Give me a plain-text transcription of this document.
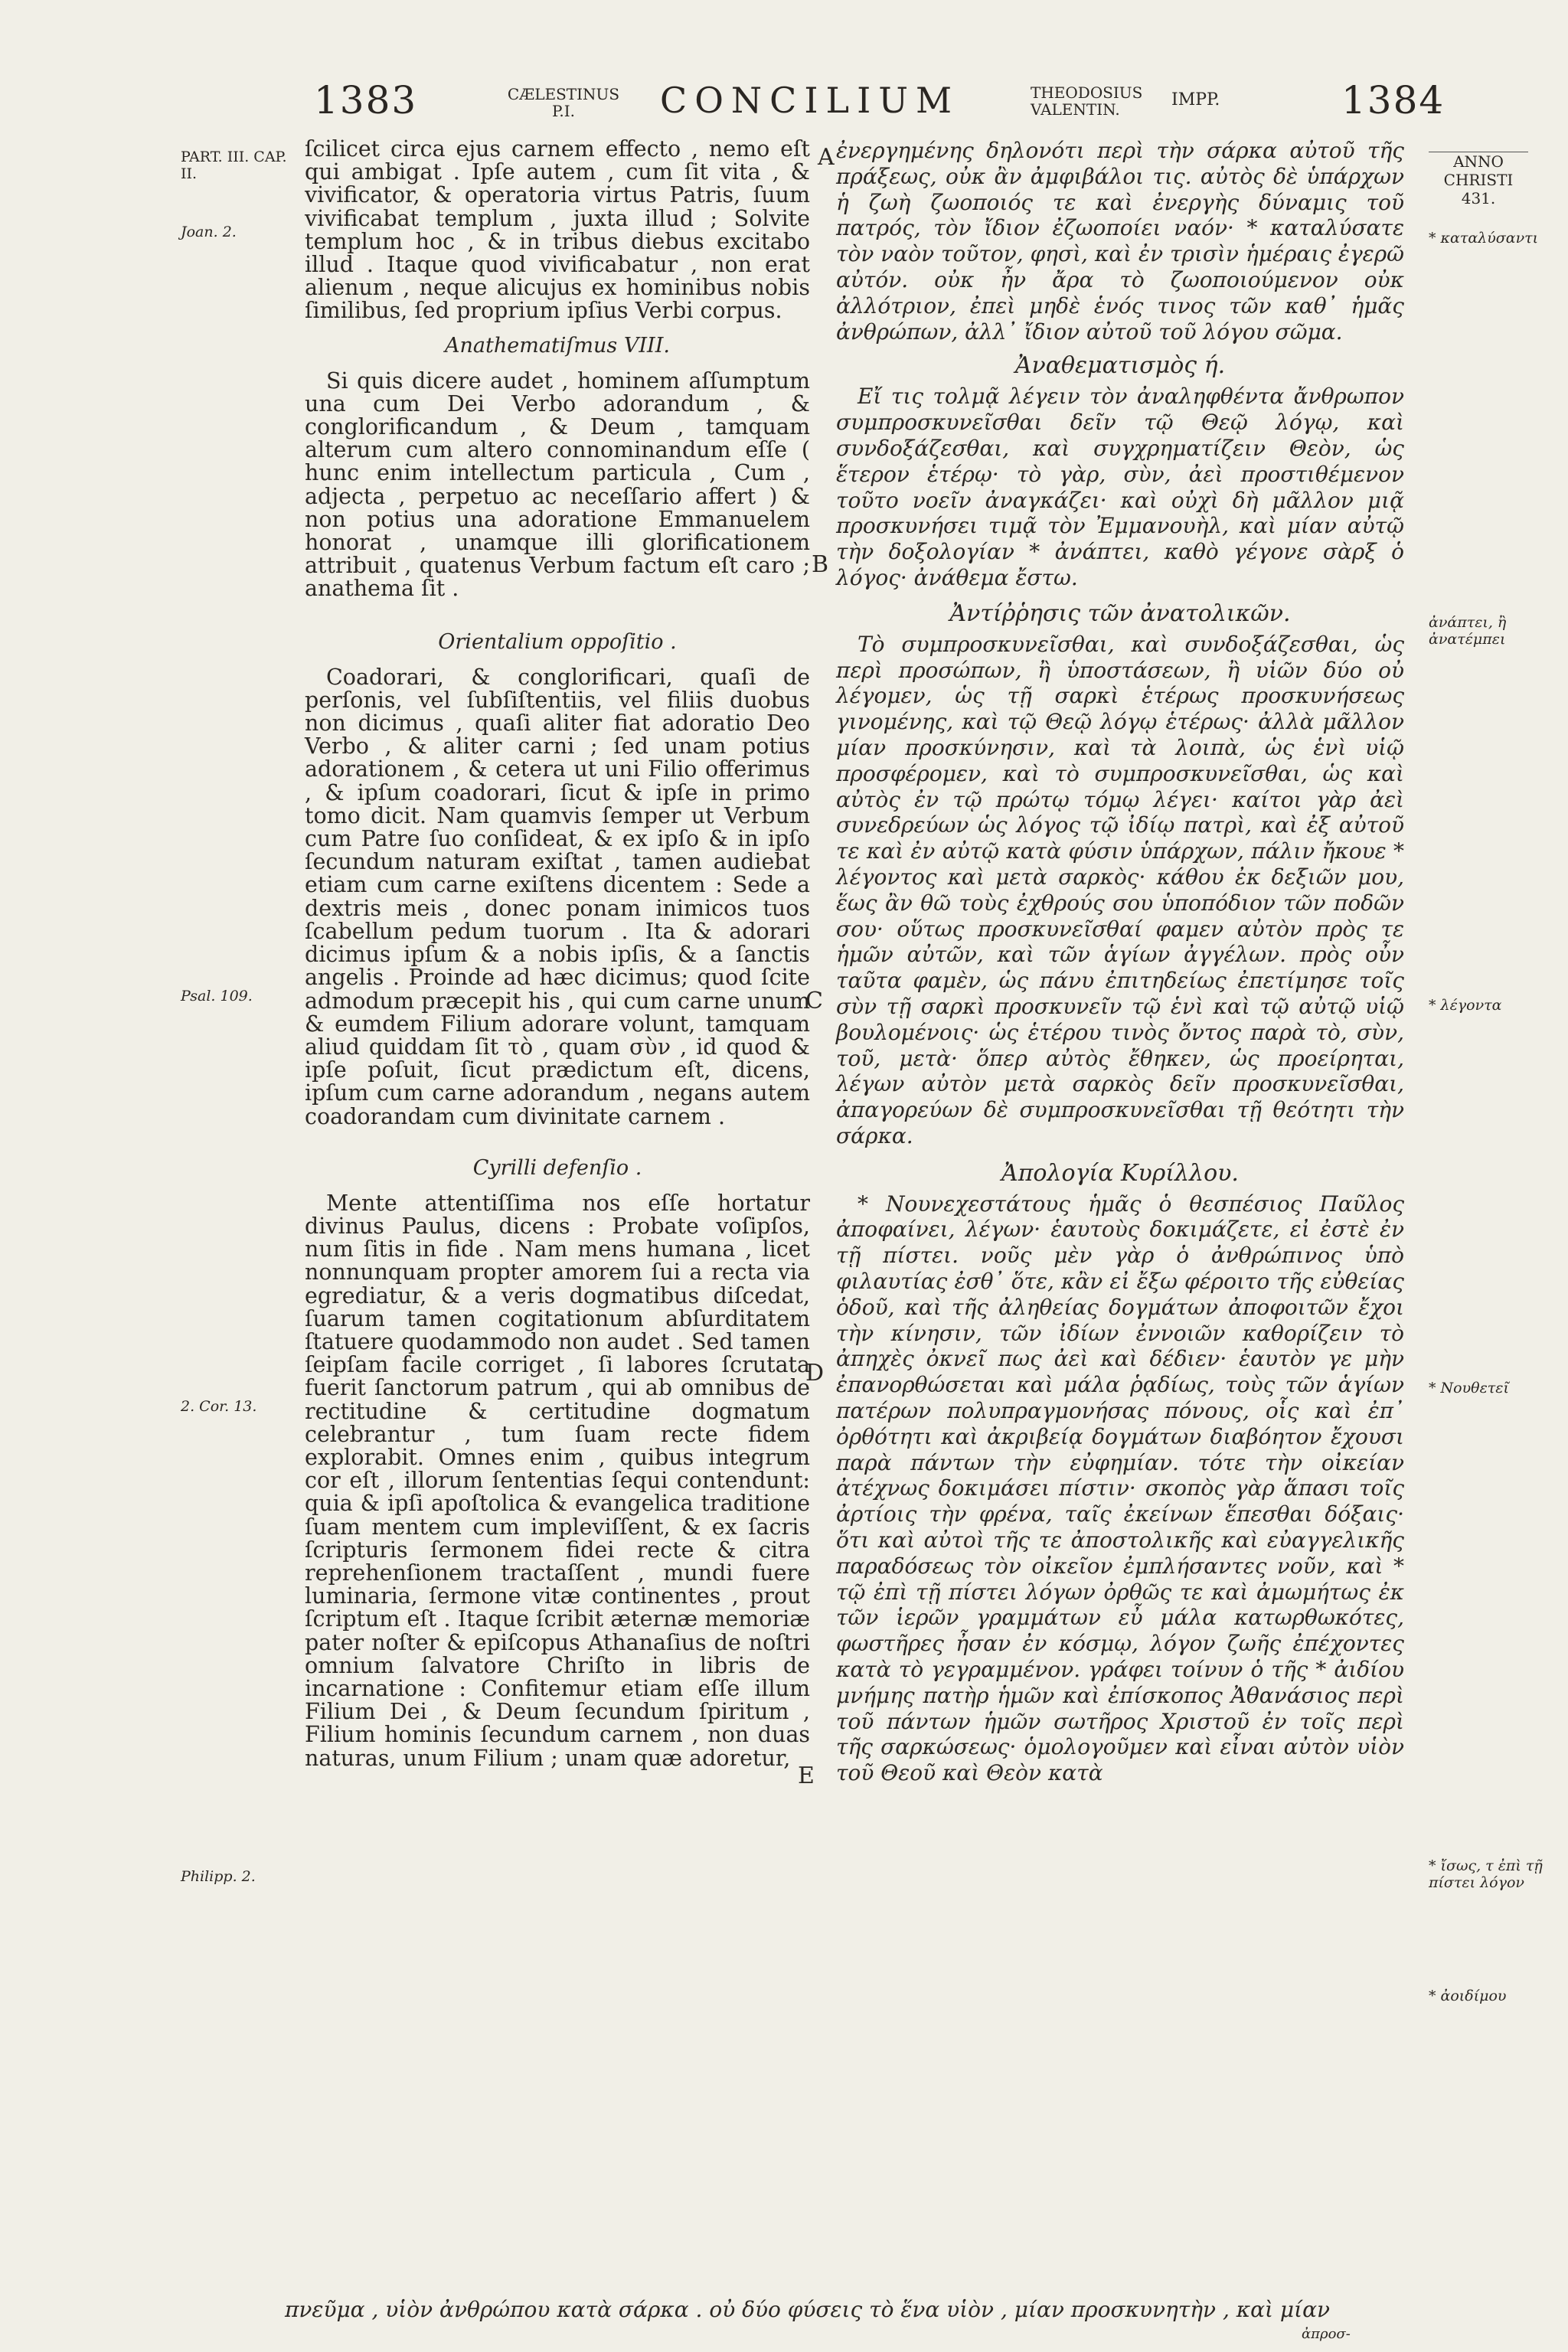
1383	CÆLESTINUS P.I.	CONCILIUM	THEODOSIUS VALENTIN.	IMPP.	1384
PART. III. CAP. II.
Joan. 2.
Psal. 109.
2. Cor. 13.
Philipp. 2.
ANNO CHRISTI 431.
* καταλύσαντι
ἀνάπτει, ἢ ἀνατέμπει
* λέγοντα
* Νουθετεῖ
* ἴσως, τ ἐπὶ τῇ πίστει λόγον
* ἀοιδίμου
A
B
C
D
E

ſcilicet circa ejus carnem effecto , nemo eſt qui ambigat . Ipſe autem , cum ſit vita , & vivificator, & operatoria virtus Patris, ſuum vivificabat templum , juxta illud ; Solvite templum hoc , & in tribus diebus excitabo illud . Itaque quod vivificabatur , non erat alienum , neque alicujus ex hominibus nobis ſimilibus, ſed proprium ipſius Verbi corpus.

Anathematiſmus VIII.

Si quis dicere audet , hominem aſſumptum una cum Dei Verbo adorandum , & conglorificandum , & Deum , tamquam alterum cum altero connominandum eſſe ( hunc enim intellectum particula , Cum , adjecta , perpetuo ac neceſſario affert ) & non potius una adoratione Emmanuelem honorat , unamque illi glorificationem attribuit , quatenus Verbum factum eſt caro ; anathema ſit .

Orientalium oppoſitio .

Coadorari, & conglorificari, quaſi de perſonis, vel ſubſiſtentiis, vel filiis duobus non dicimus , quaſi aliter fiat adoratio Deo Verbo , & aliter carni ; ſed unam potius adorationem , & cetera ut uni Filio offerimus , & ipſum coadorari, ſicut & ipſe in primo tomo dicit. Nam quamvis ſemper ut Verbum cum Patre ſuo conſideat, & ex ipſo & in ipſo ſecundum naturam exiſtat , tamen audiebat etiam cum carne exiſtens dicentem : Sede a dextris meis , donec ponam inimicos tuos ſcabellum pedum tuorum . Ita & adorari dicimus ipſum & a nobis ipſis, & a ſanctis angelis . Proinde ad hæc dicimus; quod ſcite admodum præcepit his , qui cum carne unum & eumdem Filium adorare volunt, tamquam aliud quiddam ſit τὸ , quam σὺν , id quod & ipſe poſuit, ſicut prædictum eſt, dicens, ipſum cum carne adorandum , negans autem coadorandam cum divinitate carnem .

Cyrilli defenſio .

Mente attentiſſima nos eſſe hortatur divinus Paulus, dicens : Probate voſipſos, num ſitis in fide . Nam mens humana , licet nonnunquam propter amorem ſui a recta via egrediatur, & a veris dogmatibus diſcedat, ſuarum tamen cogitationum abſurditatem ſtatuere quodammodo non audet . Sed tamen ſeipſam facile corriget , ſi labores ſcrutata fuerit ſanctorum patrum , qui ab omnibus de rectitudine & certitudine dogmatum celebrantur , tum ſuam recte fidem explorabit. Omnes enim , quibus integrum cor eſt , illorum ſententias ſequi contendunt: quia & ipſi apoſtolica & evangelica traditione ſuam mentem cum impleviſſent, & ex ſacris ſcripturis ſermonem fidei recte & citra reprehenſionem tractaſſent , mundi fuere luminaria, ſermone vitæ continentes , prout ſcriptum eſt . Itaque ſcribit æternæ memoriæ pater noſter & epiſcopus Athanaſius de noſtri omnium ſalvatore Chriſto in libris de incarnatione : Confitemur etiam eſſe illum Filium Dei , & Deum ſecundum ſpiritum , Filium hominis ſecundum carnem , non duas naturas, unum Filium ; unam quæ adoretur,

ἐνεργημένης δηλονότι περὶ τὴν σάρκα αὐτοῦ τῆς πράξεως, οὐκ ἂν ἀμφιβάλοι τις. αὐτὸς δὲ ὑπάρχων ἡ ζωὴ ζωοποιός τε καὶ ἐνεργὴς δύναμις τοῦ πατρός, τὸν ἴδιον ἐζωοποίει ναόν· * καταλύσατε τὸν ναὸν τοῦτον, φησὶ, καὶ ἐν τρισὶν ἡμέραις ἐγερῶ αὐτόν. οὐκ ἦν ἄρα τὸ ζωοποιούμενον οὐκ ἀλλότριον, ἐπεὶ μηδὲ ἑνός τινος τῶν καθ᾽ ἡμᾶς ἀνθρώπων, ἀλλ᾽ ἴδιον αὐτοῦ τοῦ λόγου σῶμα.

Ἀναθεματισμὸς ή.

Εἴ τις τολμᾷ λέγειν τὸν ἀναληφθέντα ἄνθρωπον συμπροσκυνεῖσθαι δεῖν τῷ Θεῷ λόγῳ, καὶ συνδοξάζεσθαι, καὶ συγχρηματίζειν Θεὸν, ὡς ἕτερον ἑτέρῳ· τὸ γὰρ, σὺν, ἀεὶ προστιθέμενον τοῦτο νοεῖν ἀναγκάζει· καὶ οὐχὶ δὴ μᾶλλον μιᾷ προσκυνήσει τιμᾷ τὸν Ἐμμανουὴλ, καὶ μίαν αὐτῷ τὴν δοξολογίαν * ἀνάπτει, καθὸ γέγονε σὰρξ ὁ λόγος· ἀνάθεμα ἔστω.

Ἀντίῤῥησις τῶν ἀνατολικῶν.

Τὸ συμπροσκυνεῖσθαι, καὶ συνδοξάζεσθαι, ὡς περὶ προσώπων, ἢ ὑποστάσεων, ἢ υἱῶν δύο οὐ λέγομεν, ὡς τῇ σαρκὶ ἑτέρως προσκυνήσεως γινομένης, καὶ τῷ Θεῷ λόγῳ ἑτέρως· ἀλλὰ μᾶλλον μίαν προσκύνησιν, καὶ τὰ λοιπὰ, ὡς ἑνὶ υἱῷ προσφέρομεν, καὶ τὸ συμπροσκυνεῖσθαι, ὡς καὶ αὐτὸς ἐν τῷ πρώτῳ τόμῳ λέγει· καίτοι γὰρ ἀεὶ συνεδρεύων ὡς λόγος τῷ ἰδίῳ πατρὶ, καὶ ἐξ αὐτοῦ τε καὶ ἐν αὐτῷ κατὰ φύσιν ὑπάρχων, πάλιν ἤκουε * λέγοντος καὶ μετὰ σαρκὸς· κάθου ἐκ δεξιῶν μου, ἕως ἂν θῶ τοὺς ἐχθρούς σου ὑποπόδιον τῶν ποδῶν σου· οὕτως προσκυνεῖσθαί φαμεν αὐτὸν πρὸς τε ἡμῶν αὐτῶν, καὶ τῶν ἁγίων ἀγγέλων. πρὸς οὖν ταῦτα φαμὲν, ὡς πάνυ ἐπιτηδείως ἐπετίμησε τοῖς σὺν τῇ σαρκὶ προσκυνεῖν τῷ ἑνὶ καὶ τῷ αὐτῷ υἱῷ βουλομένοις· ὡς ἑτέρου τινὸς ὄντος παρὰ τὸ, σὺν, τοῦ, μετὰ· ὅπερ αὐτὸς ἔθηκεν, ὡς προείρηται, λέγων αὐτὸν μετὰ σαρκὸς δεῖν προσκυνεῖσθαι, ἀπαγορεύων δὲ συμπροσκυνεῖσθαι τῇ θεότητι τὴν σάρκα.

Ἀπολογία Κυρίλλου.

* Νουνεχεστάτους ἡμᾶς ὁ θεσπέσιος Παῦλος ἀποφαίνει, λέγων· ἑαυτοὺς δοκιμάζετε, εἰ ἐστὲ ἐν τῇ πίστει. νοῦς μὲν γὰρ ὁ ἀνθρώπινος ὑπὸ φιλαυτίας ἐσθ᾽ ὅτε, κἂν εἰ ἔξω φέροιτο τῆς εὐθείας ὁδοῦ, καὶ τῆς ἀληθείας δογμάτων ἀποφοιτῶν ἔχοι τὴν κίνησιν, τῶν ἰδίων ἐννοιῶν καθορίζειν τὸ ἀπηχὲς ὀκνεῖ πως ἀεὶ καὶ δέδιεν· ἑαυτὸν γε μὴν ἐπανορθώσεται καὶ μάλα ῥᾳδίως, τοὺς τῶν ἁγίων πατέρων πολυπραγμονήσας πόνους, οἷς καὶ ἐπ᾽ ὀρθότητι καὶ ἀκριβείᾳ δογμάτων διαβόητον ἔχουσι παρὰ πάντων τὴν εὐφημίαν. τότε τὴν οἰκείαν ἀτέχνως δοκιμάσει πίστιν· σκοπὸς γὰρ ἅπασι τοῖς ἀρτίοις τὴν φρένα, ταῖς ἐκείνων ἕπεσθαι δόξαις· ὅτι καὶ αὐτοὶ τῆς τε ἀποστολικῆς καὶ εὐαγγελικῆς παραδόσεως τὸν οἰκεῖον ἐμπλήσαντες νοῦν, καὶ * τῷ ἐπὶ τῇ πίστει λόγων ὀρθῶς τε καὶ ἀμωμήτως ἐκ τῶν ἱερῶν γραμμάτων εὖ μάλα κατωρθωκότες, φωστῆρες ἦσαν ἐν κόσμῳ, λόγον ζωῆς ἐπέχοντες κατὰ τὸ γεγραμμένον. γράφει τοίνυν ὁ τῆς * ἀιδίου μνήμης πατὴρ ἡμῶν καὶ ἐπίσκοπος Ἀθανάσιος περὶ τοῦ πάντων ἡμῶν σωτῆρος Χριστοῦ ἐν τοῖς περὶ τῆς σαρκώσεως· ὁμολογοῦμεν καὶ εἶναι αὐτὸν υἱὸν τοῦ Θεοῦ καὶ Θεὸν κατὰ

πνεῦμα , υἱὸν ἀνθρώπου κατὰ σάρκα . οὐ δύο φύσεις τὸ ἕνα υἱὸν , μίαν προσκυνητὴν , καὶ μίαν
ἀπροσ-
